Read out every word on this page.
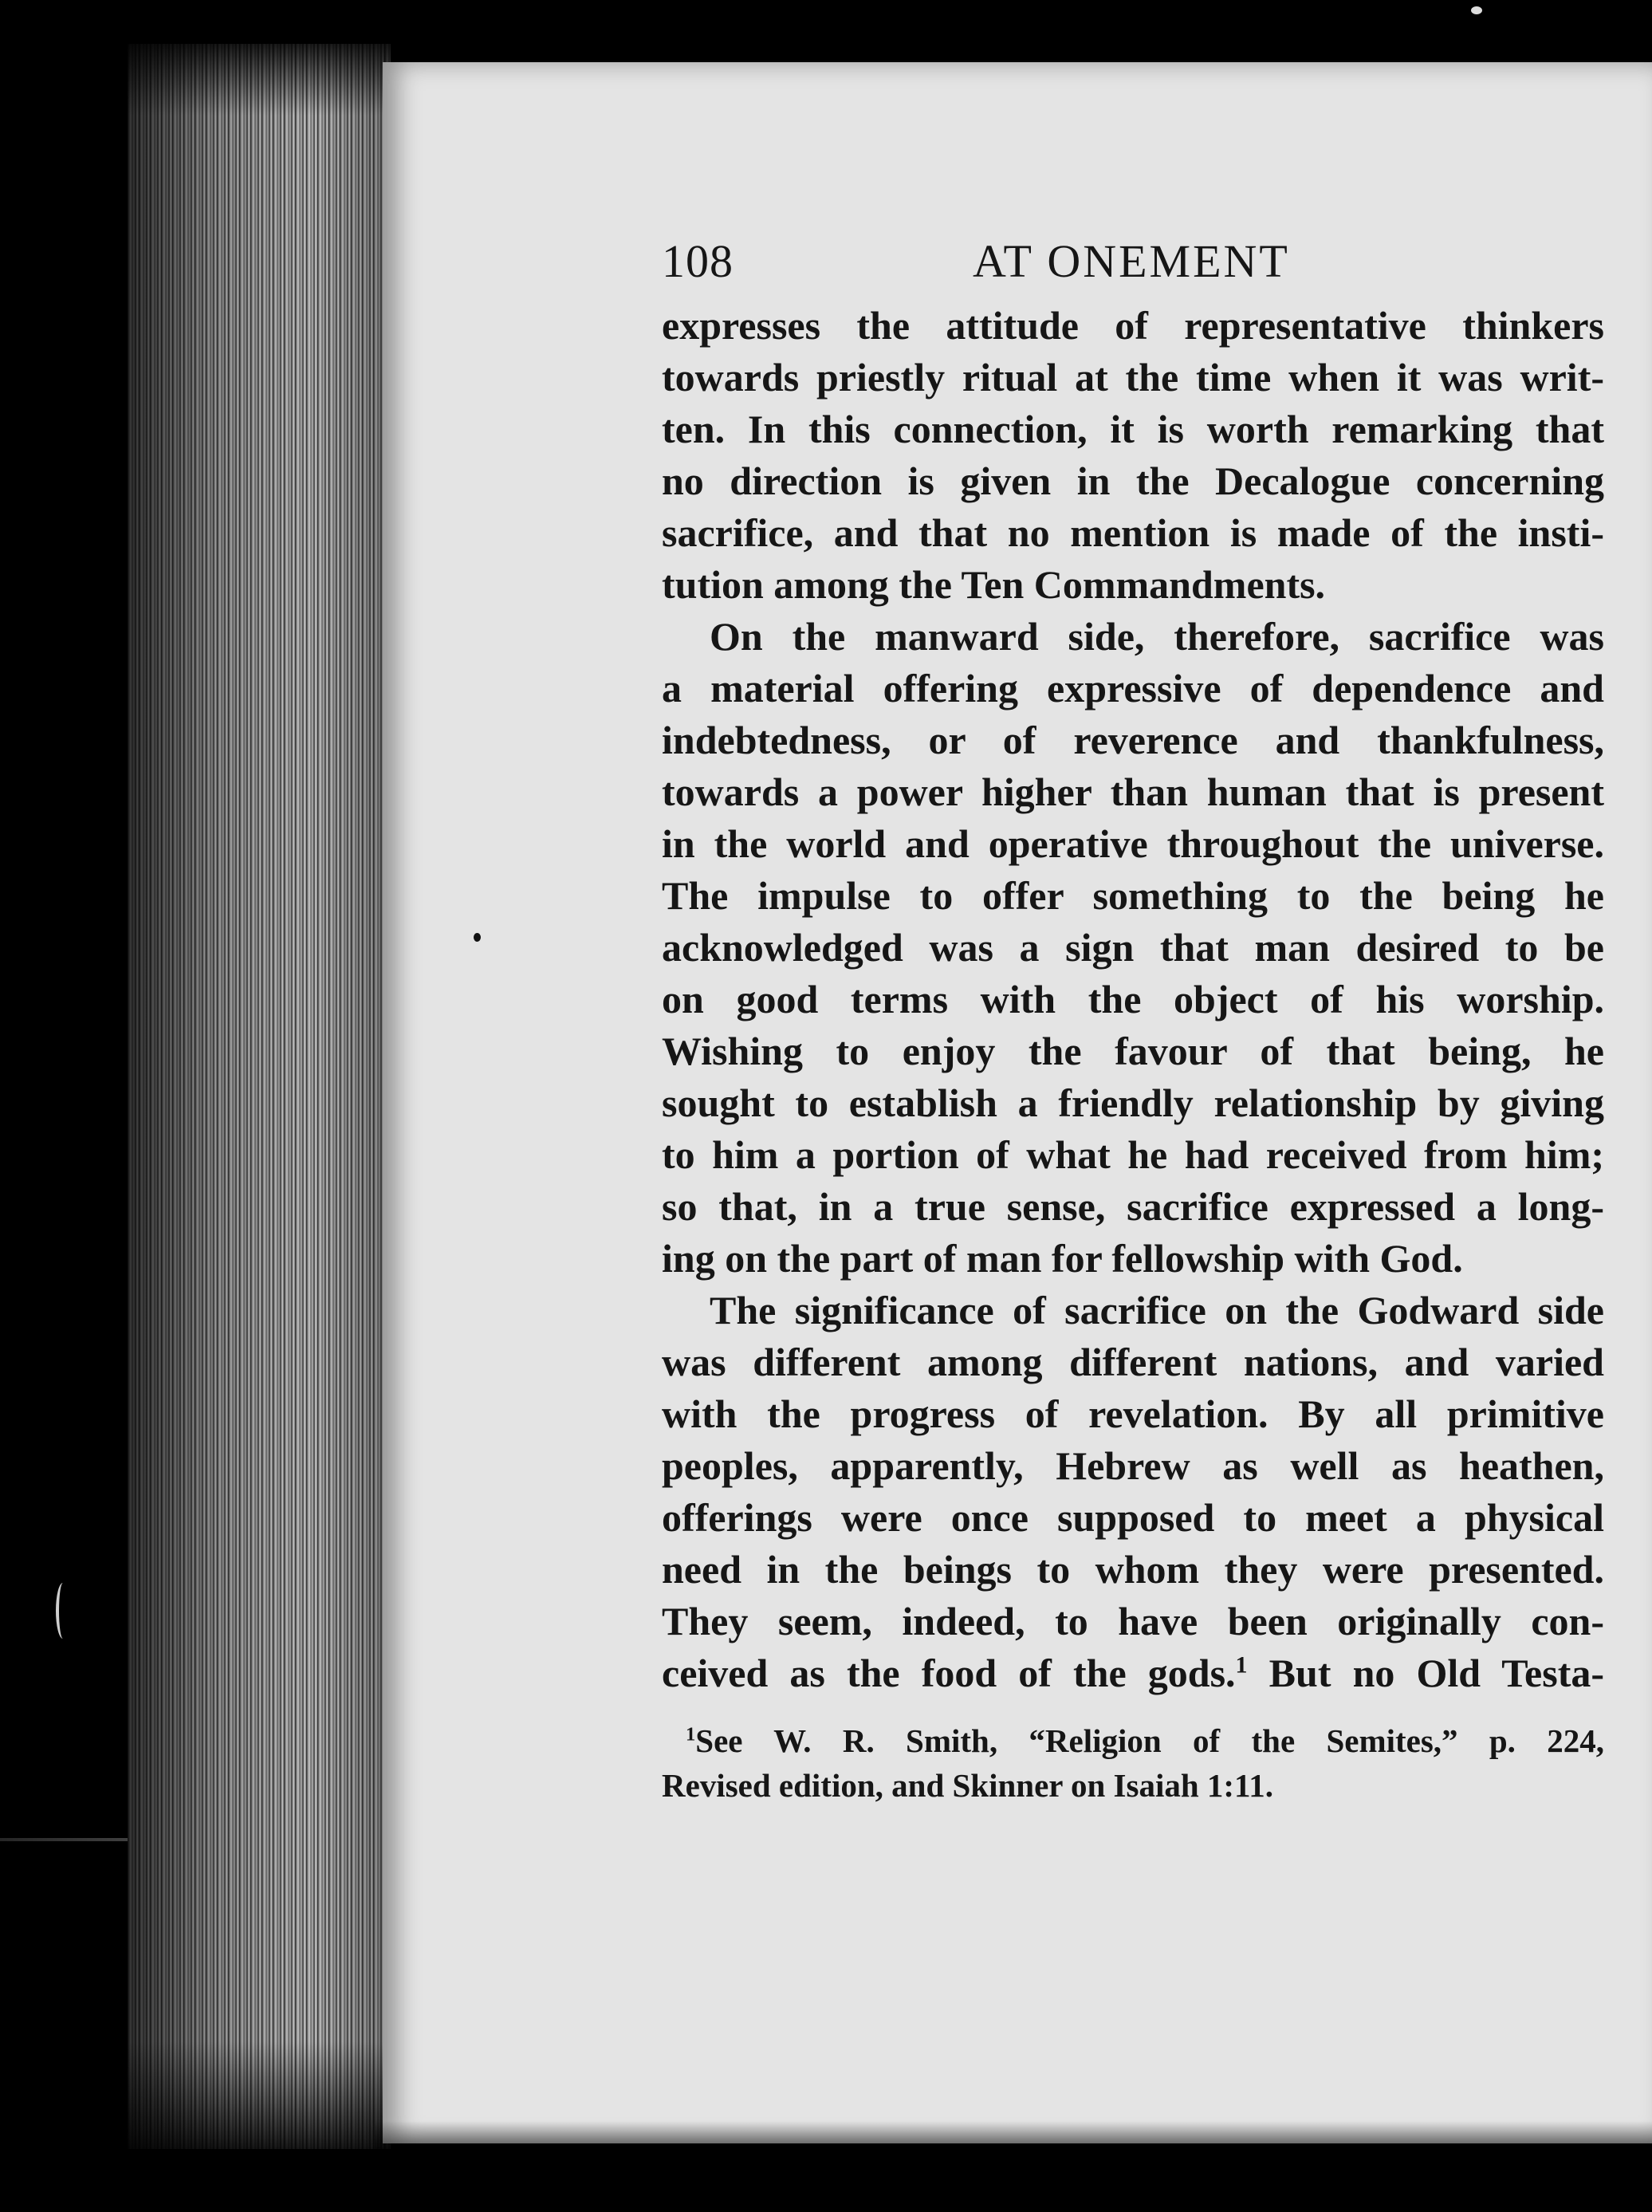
108	AT ONEMENT
expresses the attitude of representative thinkers
towards priestly ritual at the time when it was writ-
ten. In this connection, it is worth remarking that
no direction is given in the Decalogue concerning
sacrifice, and that no mention is made of the insti-
tution among the Ten Commandments.
On the manward side, therefore, sacrifice was
a material offering expressive of dependence and
indebtedness, or of reverence and thankfulness,
towards a power higher than human that is present
in the world and operative throughout the universe.
The impulse to offer something to the being he
acknowledged was a sign that man desired to be
on good terms with the object of his worship.
Wishing to enjoy the favour of that being, he
sought to establish a friendly relationship by giving
to him a portion of what he had received from him;
so that, in a true sense, sacrifice expressed a long-
ing on the part of man for fellowship with God.
The significance of sacrifice on the Godward side
was different among different nations, and varied
with the progress of revelation. By all primitive
peoples, apparently, Hebrew as well as heathen,
offerings were once supposed to meet a physical
need in the beings to whom they were presented.
They seem, indeed, to have been originally con-
ceived as the food of the gods.$^1$ But no Old Testa-
$^1$See W. R. Smith, “Religion of the Semites,” p. 224,
Revised edition, and Skinner on Isaiah 1:11.
